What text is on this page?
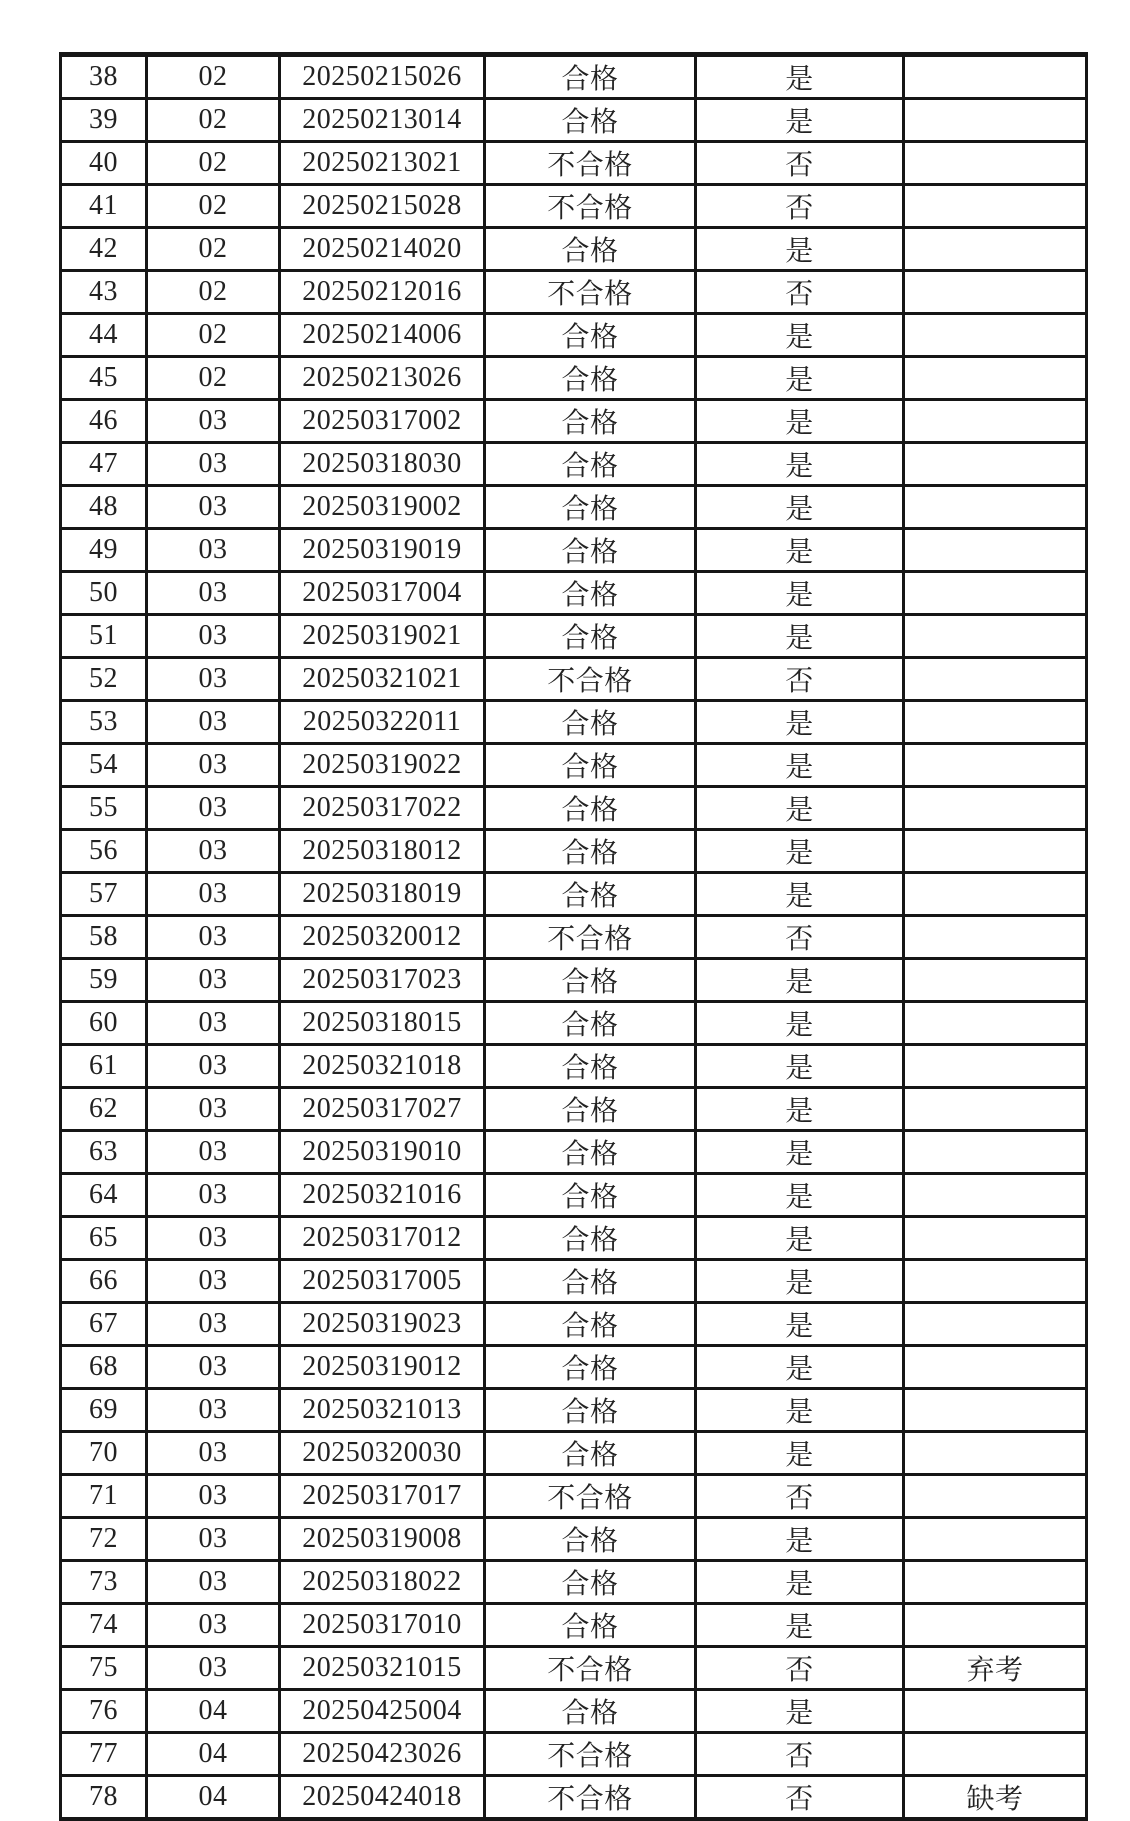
38	02	20250215026	合格	是	
39	02	20250213014	合格	是	
40	02	20250213021	不合格	否	
41	02	20250215028	不合格	否	
42	02	20250214020	合格	是	
43	02	20250212016	不合格	否	
44	02	20250214006	合格	是	
45	02	20250213026	合格	是	
46	03	20250317002	合格	是	
47	03	20250318030	合格	是	
48	03	20250319002	合格	是	
49	03	20250319019	合格	是	
50	03	20250317004	合格	是	
51	03	20250319021	合格	是	
52	03	20250321021	不合格	否	
53	03	20250322011	合格	是	
54	03	20250319022	合格	是	
55	03	20250317022	合格	是	
56	03	20250318012	合格	是	
57	03	20250318019	合格	是	
58	03	20250320012	不合格	否	
59	03	20250317023	合格	是	
60	03	20250318015	合格	是	
61	03	20250321018	合格	是	
62	03	20250317027	合格	是	
63	03	20250319010	合格	是	
64	03	20250321016	合格	是	
65	03	20250317012	合格	是	
66	03	20250317005	合格	是	
67	03	20250319023	合格	是	
68	03	20250319012	合格	是	
69	03	20250321013	合格	是	
70	03	20250320030	合格	是	
71	03	20250317017	不合格	否	
72	03	20250319008	合格	是	
73	03	20250318022	合格	是	
74	03	20250317010	合格	是	
75	03	20250321015	不合格	否	弃考
76	04	20250425004	合格	是	
77	04	20250423026	不合格	否	
78	04	20250424018	不合格	否	缺考
